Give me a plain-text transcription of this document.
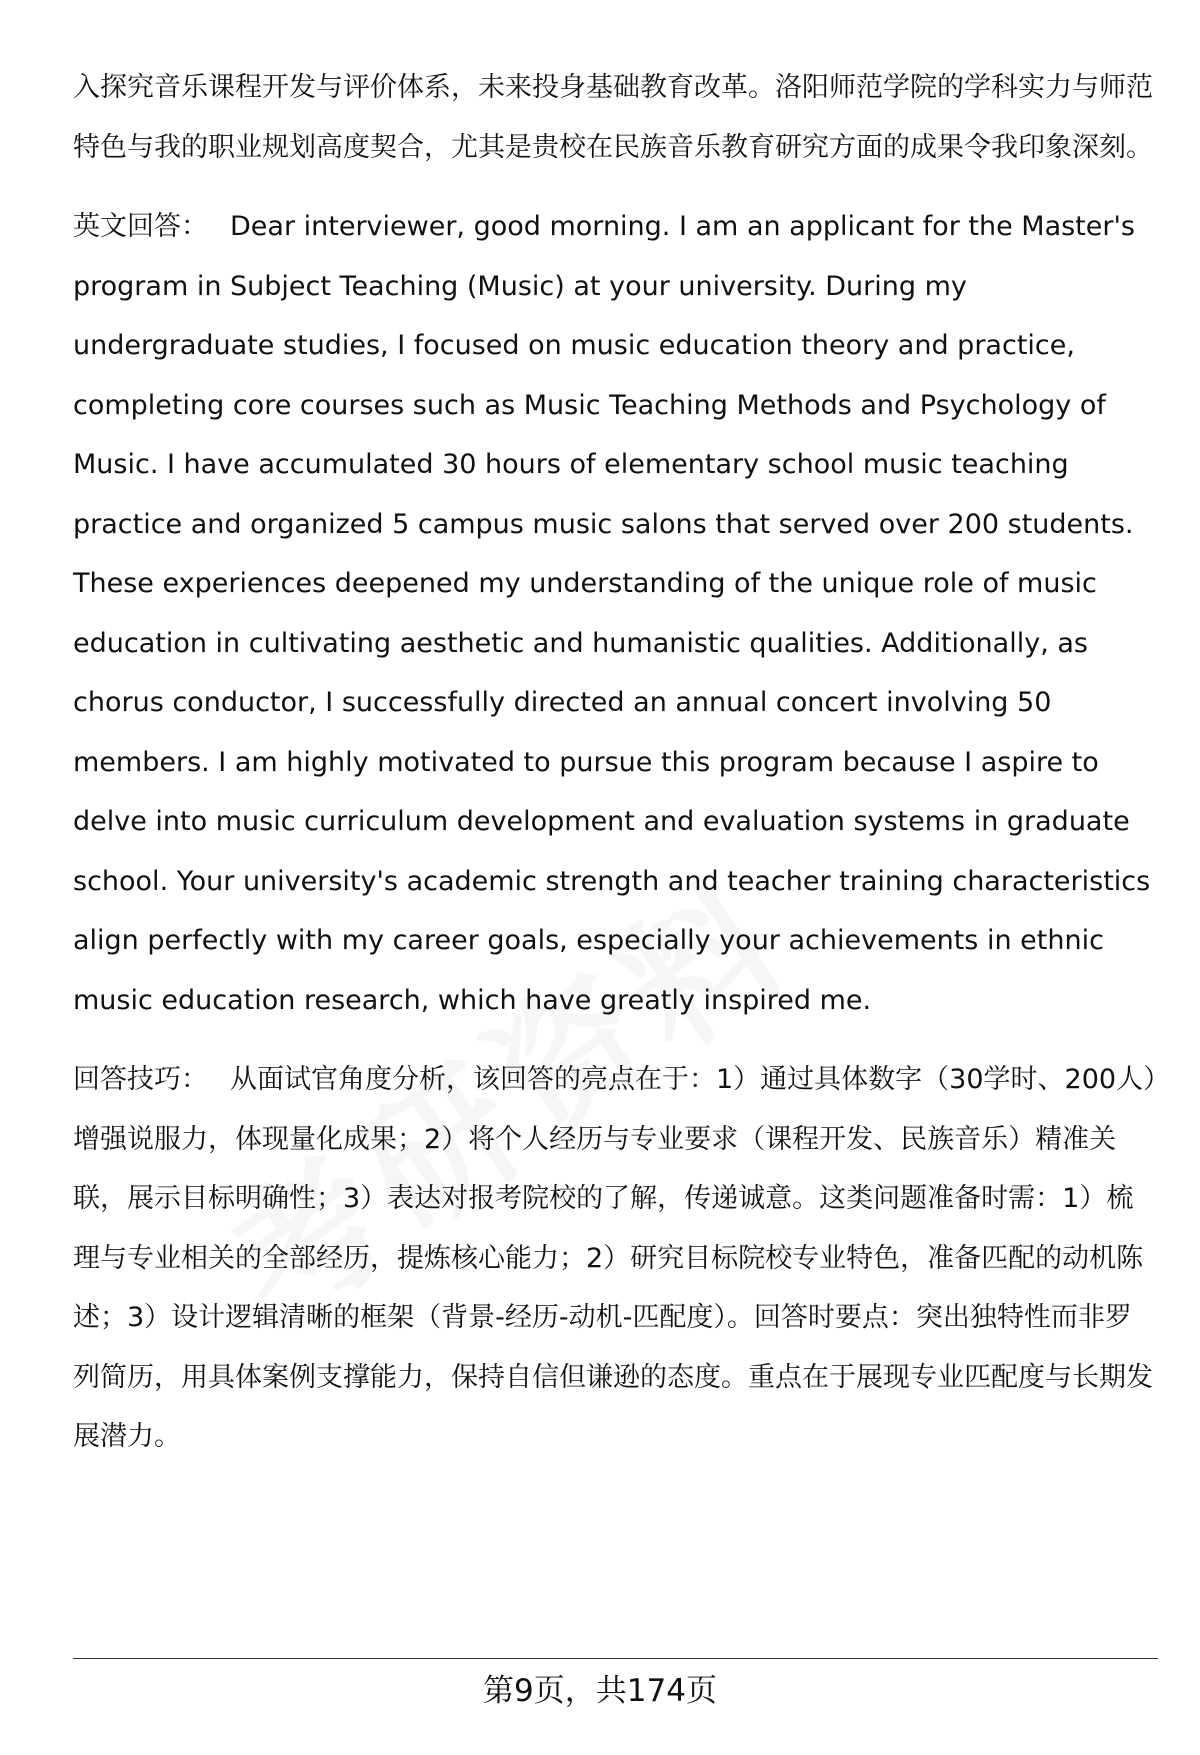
入探究音乐课程开发与评价体系，未来投身基础教育改革。洛阳师范学院的学科实力与师范特色与我的职业规划高度契合，尤其是贵校在民族音乐教育研究方面的成果令我印象深刻。

英文回答： Dear interviewer, good morning. I am an applicant for the Master's program in Subject Teaching (Music) at your university. During my undergraduate studies, I focused on music education theory and practice, completing core courses such as Music Teaching Methods and Psychology of Music. I have accumulated 30 hours of elementary school music teaching practice and organized 5 campus music salons that served over 200 students. These experiences deepened my understanding of the unique role of music education in cultivating aesthetic and humanistic qualities. Additionally, as chorus conductor, I successfully directed an annual concert involving 50 members. I am highly motivated to pursue this program because I aspire to delve into music curriculum development and evaluation systems in graduate school. Your university's academic strength and teacher training characteristics align perfectly with my career goals, especially your achievements in ethnic music education research, which have greatly inspired me.

回答技巧： 从面试官角度分析，该回答的亮点在于：1）通过具体数字（30学时、200人）增强说服力，体现量化成果；2）将个人经历与专业要求（课程开发、民族音乐）精准关联，展示目标明确性；3）表达对报考院校的了解，传递诚意。这类问题准备时需：1）梳理与专业相关的全部经历，提炼核心能力；2）研究目标院校专业特色，准备匹配的动机陈述；3）设计逻辑清晰的框架（背景-经历-动机-匹配度）。回答时要点：突出独特性而非罗列简历，用具体案例支撑能力，保持自信但谦逊的态度。重点在于展现专业匹配度与长期发展潜力。

第9页，共174页
